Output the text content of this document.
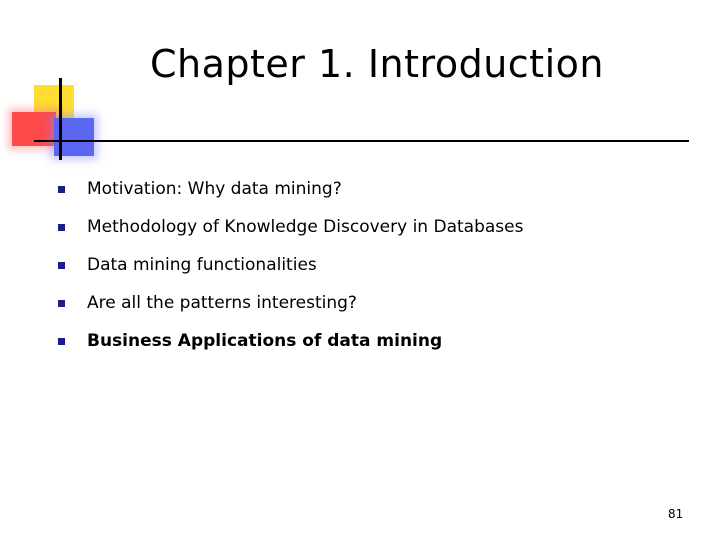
Chapter 1. Introduction
Motivation: Why data mining?
Methodology of Knowledge Discovery in Databases
Data mining functionalities
Are all the patterns interesting?
Business Applications of data mining
81
